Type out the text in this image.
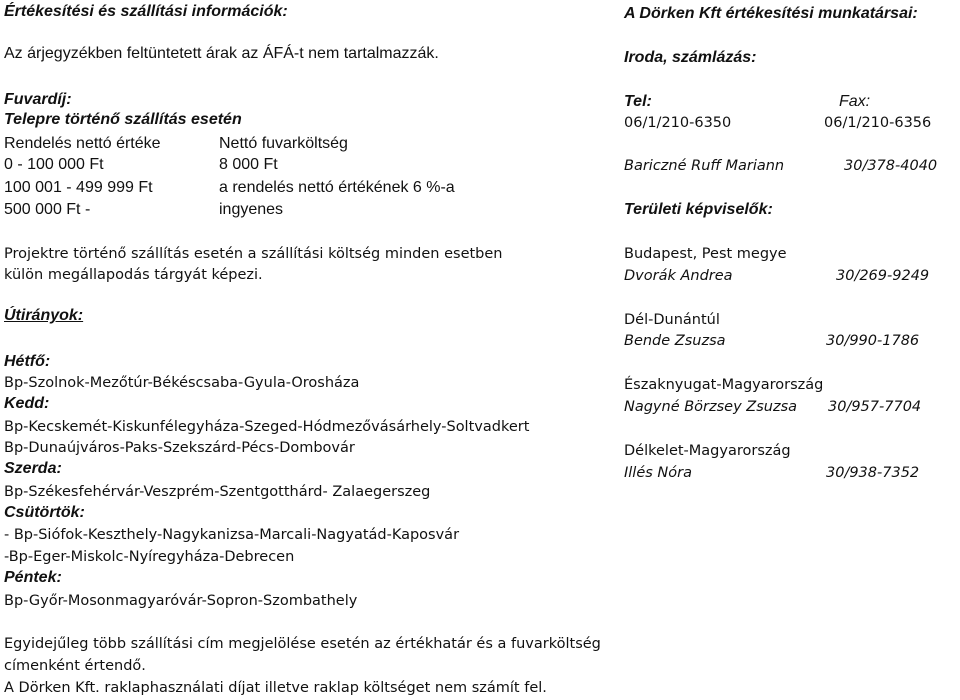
Értékesítési és szállítási információk:
Az árjegyzékben feltüntetett árak az ÁFÁ-t nem tartalmazzák.
Fuvardíj:
Telepre történő szállítás esetén
Rendelés nettó értéke	Nettó fuvarköltség
0 - 100 000 Ft	8 000 Ft
100 001 - 499 999 Ft	a rendelés nettó értékének 6 %-a
500 000 Ft -	ingyenes
Projektre történő szállítás esetén a szállítási költség minden esetben
külön megállapodás tárgyát képezi.
Útirányok:
Hétfő:
Bp-Szolnok-Mezőtúr-Békéscsaba-Gyula-Orosháza
Kedd:
Bp-Kecskemét-Kiskunfélegyháza-Szeged-Hódmezővásárhely-Soltvadkert
Bp-Dunaújváros-Paks-Szekszárd-Pécs-Dombovár
Szerda:
Bp-Székesfehérvár-Veszprém-Szentgotthárd- Zalaegerszeg
Csütörtök:
- Bp-Siófok-Keszthely-Nagykanizsa-Marcali-Nagyatád-Kaposvár
-Bp-Eger-Miskolc-Nyíregyháza-Debrecen
Péntek:
Bp-Győr-Mosonmagyaróvár-Sopron-Szombathely
Egyidejűleg több szállítási cím megjelölése esetén az értékhatár és a fuvarköltség
címenként értendő.
A Dörken Kft. raklaphasználati díjat illetve raklap költséget nem számít fel.
A Dörken Kft értékesítési munkatársai:
Iroda, számlázás:
Tel:	Fax:
06/1/210-6350	06/1/210-6356
Bariczné Ruff Mariann	30/378-4040
Területi képviselők:
Budapest, Pest megye
Dvorák Andrea	30/269-9249
Dél-Dunántúl
Bende Zsuzsa	30/990-1786
Északnyugat-Magyarország
Nagyné Börzsey Zsuzsa 30/957-7704
Délkelet-Magyarország
Illés Nóra	30/938-7352
